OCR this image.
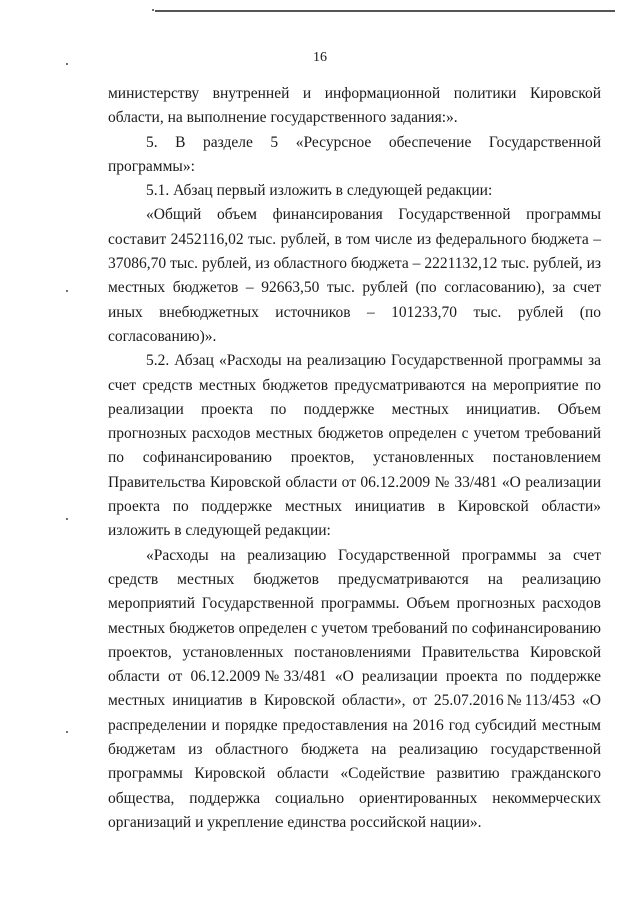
16

министерству внутренней и информационной политики Кировской области, на выполнение государственного задания:».

5. В разделе 5 «Ресурсное обеспечение Государственной программы»:

5.1. Абзац первый изложить в следующей редакции:

«Общий объем финансирования Государственной программы составит 2452116,02 тыс. рублей, в том числе из федерального бюджета – 37086,70 тыс. рублей, из областного бюджета – 2221132,12 тыс. рублей, из местных бюджетов – 92663,50 тыс. рублей (по согласованию), за счет иных внебюджетных источников – 101233,70 тыс. рублей (по согласованию)».

5.2. Абзац «Расходы на реализацию Государственной программы за счет средств местных бюджетов предусматриваются на мероприятие по реализации проекта по поддержке местных инициатив. Объем прогнозных расходов местных бюджетов определен с учетом требований по софинансированию проектов, установленных постановлением Правительства Кировской области от 06.12.2009 № 33/481 «О реализации проекта по поддержке местных инициатив в Кировской области» изложить в следующей редакции:

«Расходы на реализацию Государственной программы за счет средств местных бюджетов предусматриваются на реализацию мероприятий Государственной программы. Объем прогнозных расходов местных бюджетов определен с учетом требований по софинансированию проектов, установленных постановлениями Правительства Кировской области от 06.12.2009№33/481 «О реализации проекта по поддержке местных инициатив в Кировской области», от 25.07.2016№113/453 «О распределении и порядке предоставления на 2016 год субсидий местным бюджетам из областного бюджета на реализацию государственной программы Кировской области «Содействие развитию гражданского общества, поддержка социально ориентированных некоммерческих организаций и укрепление единства российской нации».
